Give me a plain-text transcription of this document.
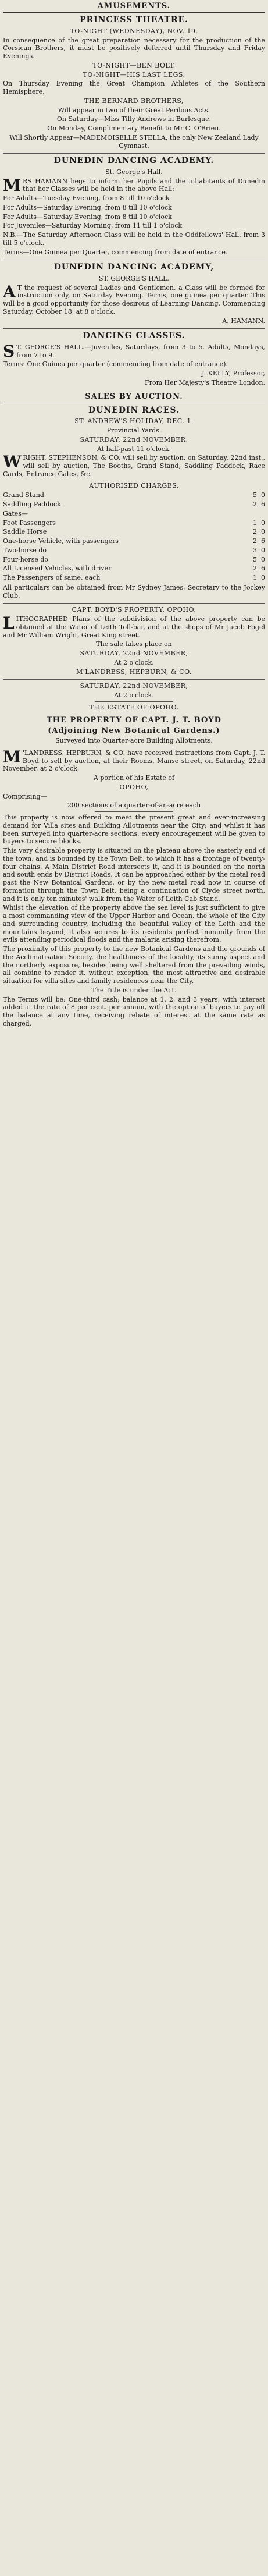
AMUSEMENTS.
PRINCESS THEATRE.
TO-NIGHT (WEDNESDAY), NOV. 19.

In consequence of the great preparation necessary for the production of the Corsican Brothers, it must be positively deferred until Thursday and Friday Evenings.

TO-NIGHT—BEN BOLT.
TO-NIGHT—HIS LAST LEGS.

On Thursday Evening the Great Champion Athletes of the Southern Hemisphere,

THE BERNARD BROTHERS,

Will appear in two of their Great Perilous Acts.

On Saturday—Miss Tilly Andrews in Burlesque.

On Monday, Complimentary Benefit to Mr C. O'Brien.

Will Shortly Appear—MADEMOISELLE STELLA, the only New Zealand Lady Gymnast.

DUNEDIN DANCING ACADEMY.
St. George's Hall.

MRS HAMANN begs to inform her Pupils and the inhabitants of Dunedin that her Classes will be held in the above Hall:

For Adults—Tuesday Evening, from 8 till 10 o'clock

For Adults—Saturday Evening, from 8 till 10 o'clock

For Adults—Saturday Evening, from 8 till 10 o'clock

For Juveniles—Saturday Morning, from 11 till 1 o'clock

N.B.—The Saturday Afternoon Class will be held in the Oddfellows' Hall, from 3 till 5 o'clock.

Terms—One Guinea per Quarter, commencing from date of entrance.

DUNEDIN DANCING ACADEMY,
ST. GEORGE'S HALL.

A T the request of several Ladies and Gentlemen, a Class will be formed for instruction only, on Saturday Evening. Terms, one guinea per quarter. This will be a good opportunity for those desirous of Learning Dancing. Commencing Saturday, October 18, at 8 o'clock.

A. HAMANN.
DANCING CLASSES.

S T. GEORGE'S HALL.—Juveniles, Saturdays, from 3 to 5. Adults, Mondays, from 7 to 9.

Terms: One Guinea per quarter (commencing from date of entrance).

J. KELLY, Professor,
From Her Majesty's Theatre London.
SALES BY AUCTION.
DUNEDIN RACES.
ST. ANDREW'S HOLIDAY, DEC. 1.
Provincial Yards.
SATURDAY, 22nd NOVEMBER,
At half-past 11 o'clock.

WRIGHT, STEPHENSON, & CO. will sell by auction, on Saturday, 22nd inst., will sell by auction, The Booths, Grand Stand, Saddling Paddock, Race Cards, Entrance Gates, &c.

AUTHORISED CHARGES.
Grand Stand	5	0
Saddling Paddock	2	6
Gates—		
Foot Passengers	1	0
Saddle Horse	2	0
One-horse Vehicle, with passengers	2	6
Two-horse do	3	0
Four-horse do	5	0
All Licensed Vehicles, with driver	2	6
The Passengers of same, each	1	0

All particulars can be obtained from Mr Sydney James, Secretary to the Jockey Club.

CAPT. BOYD'S PROPERTY, OPOHO.

LITHOGRAPHED Plans of the subdivision of the above property can be obtained at the Water of Leith Toll-bar, and at the shops of Mr Jacob Fogel and Mr William Wright, Great King street.

The sale takes place on
SATURDAY, 22nd NOVEMBER,
At 2 o'clock.
M'LANDRESS, HEPBURN, & CO.
SATURDAY, 22nd NOVEMBER,
At 2 o'clock.
THE ESTATE OF OPOHO.
THE PROPERTY OF CAPT. J. T. BOYD
(Adjoining New Botanical Gardens.)

Surveyed into Quarter-acre Building Allotments.

M 'LANDRESS, HEPBURN, & CO. have received instructions from Capt. J. T. Boyd to sell by auction, at their Rooms, Manse street, on Saturday, 22nd November, at 2 o'clock,

A portion of his Estate of
OPOHO,

Comprising—

200 sections of a quarter-of-an-acre each

This property is now offered to meet the present great and ever-increasing demand for Villa sites and Building Allotments near the City; and whilst it has been surveyed into quarter-acre sections, every encouragement will be given to buyers to secure blocks.

This very desirable property is situated on the plateau above the easterly end of the town, and is bounded by the Town Belt, to which it has a frontage of twenty-four chains. A Main District Road intersects it, and it is bounded on the north and south ends by District Roads. It can be approached either by the metal road past the New Botanical Gardens, or by the new metal road now in course of formation through the Town Belt, being a continuation of Clyde street north, and it is only ten minutes' walk from the Water of Leith Cab Stand.

Whilst the elevation of the property above the sea level is just sufficient to give a most commanding view of the Upper Harbor and Ocean, the whole of the City and surrounding country, including the beautiful valley of the Leith and the mountains beyond, it also secures to its residents perfect immunity from the evils attending periodical floods and the malaria arising therefrom.

The proximity of this property to the new Botanical Gardens and the grounds of the Acclimatisation Society, the healthiness of the locality, its sunny aspect and the northerly exposure, besides being well sheltered from the prevailing winds, all combine to render it, without exception, the most attractive and desirable situation for villa sites and family residences near the City.

The Title is under the Act.

The Terms will be: One-third cash; balance at 1, 2, and 3 years, with interest added at the rate of 8 per cent. per annum, with the option of buyers to pay off the balance at any time, receiving rebate of interest at the same rate as charged.
